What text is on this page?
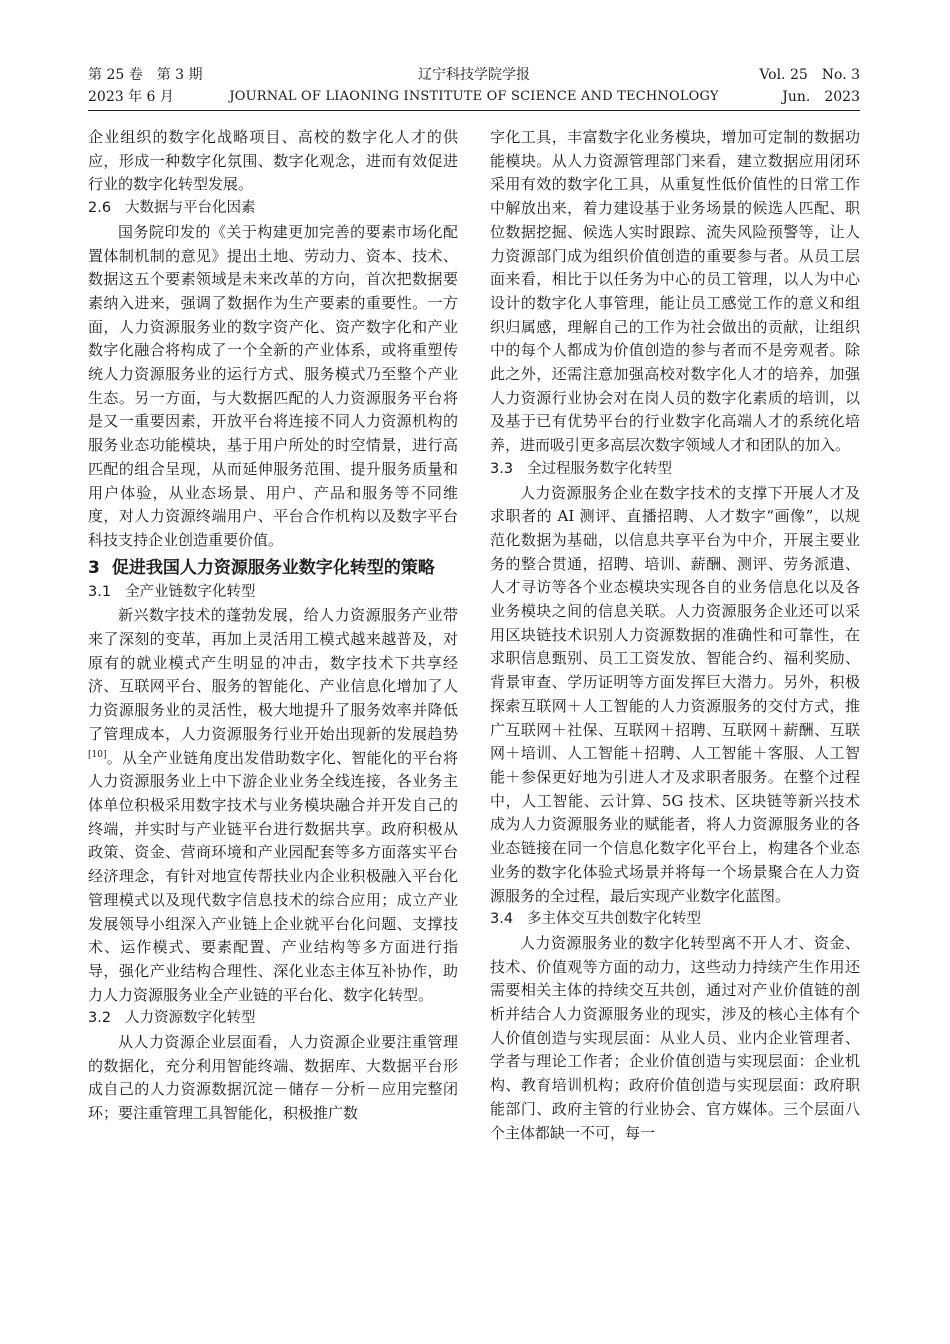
第 25 卷　第 3 期	辽宁科技学院学报	Vol. 25　No. 3
2023 年 6 月	JOURNAL OF LIAONING INSTITUTE OF SCIENCE AND TECHNOLOGY	Jun.　2023

企业组织的数字化战略项目、高校的数字化人才的供应，形成一种数字化氛围、数字化观念，进而有效促进行业的数字化转型发展。

2.6 大数据与平台化因素

国务院印发的《关于构建更加完善的要素市场化配置体制机制的意见》提出土地、劳动力、资本、技术、数据这五个要素领域是未来改革的方向，首次把数据要素纳入进来，强调了数据作为生产要素的重要性。一方面，人力资源服务业的数字资产化、资产数字化和产业数字化融合将构成了一个全新的产业体系，或将重塑传统人力资源服务业的运行方式、服务模式乃至整个产业生态。另一方面，与大数据匹配的人力资源服务平台将是又一重要因素，开放平台将连接不同人力资源机构的服务业态功能模块，基于用户所处的时空情景，进行高匹配的组合呈现，从而延伸服务范围、提升服务质量和用户体验，从业态场景、用户、产品和服务等不同维度，对人力资源终端用户、平台合作机构以及数字平台科技支持企业创造重要价值。

3 促进我国人力资源服务业数字化转型的策略
3.1 全产业链数字化转型

新兴数字技术的蓬勃发展，给人力资源服务产业带来了深刻的变革，再加上灵活用工模式越来越普及，对原有的就业模式产生明显的冲击，数字技术下共享经济、互联网平台、服务的智能化、产业信息化增加了人力资源服务业的灵活性，极大地提升了服务效率并降低了管理成本，人力资源服务行业开始出现新的发展趋势[10]。从全产业链角度出发借助数字化、智能化的平台将人力资源服务业上中下游企业业务全线连接，各业务主体单位积极采用数字技术与业务模块融合并开发自己的终端，并实时与产业链平台进行数据共享。政府积极从政策、资金、营商环境和产业园配套等多方面落实平台经济理念，有针对地宣传帮扶业内企业积极融入平台化管理模式以及现代数字信息技术的综合应用；成立产业发展领导小组深入产业链上企业就平台化问题、支撑技术、运作模式、要素配置、产业结构等多方面进行指导，强化产业结构合理性、深化业态主体互补协作，助力人力资源服务业全产业链的平台化、数字化转型。

3.2 人力资源数字化转型

从人力资源企业层面看，人力资源企业要注重管理的数据化，充分利用智能终端、数据库、大数据平台形成自己的人力资源数据沉淀－储存－分析－应用完整闭环；要注重管理工具智能化，积极推广数

字化工具，丰富数字化业务模块，增加可定制的数据功能模块。从人力资源管理部门来看，建立数据应用闭环采用有效的数字化工具，从重复性低价值性的日常工作中解放出来，着力建设基于业务场景的候选人匹配、职位数据挖掘、候选人实时跟踪、流失风险预警等，让人力资源部门成为组织价值创造的重要参与者。从员工层面来看，相比于以任务为中心的员工管理，以人为中心设计的数字化人事管理，能让员工感觉工作的意义和组织归属感，理解自己的工作为社会做出的贡献，让组织中的每个人都成为价值创造的参与者而不是旁观者。除此之外，还需注意加强高校对数字化人才的培养，加强人力资源行业协会对在岗人员的数字化素质的培训，以及基于已有优势平台的行业数字化高端人才的系统化培养，进而吸引更多高层次数字领域人才和团队的加入。

3.3 全过程服务数字化转型

人力资源服务企业在数字技术的支撑下开展人才及求职者的 AI 测评、直播招聘、人才数字“画像”，以规范化数据为基础，以信息共享平台为中介，开展主要业务的整合贯通，招聘、培训、薪酬、测评、劳务派遣、人才寻访等各个业态模块实现各自的业务信息化以及各业务模块之间的信息关联。人力资源服务企业还可以采用区块链技术识别人力资源数据的准确性和可靠性，在求职信息甄别、员工工资发放、智能合约、福利奖励、背景审查、学历证明等方面发挥巨大潜力。另外，积极探索互联网＋人工智能的人力资源服务的交付方式，推广互联网＋社保、互联网＋招聘、互联网＋薪酬、互联网＋培训、人工智能＋招聘、人工智能＋客服、人工智能＋参保更好地为引进人才及求职者服务。在整个过程中，人工智能、云计算、5G 技术、区块链等新兴技术成为人力资源服务业的赋能者，将人力资源服务业的各业态链接在同一个信息化数字化平台上，构建各个业态业务的数字化体验式场景并将每一个场景聚合在人力资源服务的全过程，最后实现产业数字化蓝图。

3.4 多主体交互共创数字化转型

人力资源服务业的数字化转型离不开人才、资金、技术、价值观等方面的动力，这些动力持续产生作用还需要相关主体的持续交互共创，通过对产业价值链的剖析并结合人力资源服务业的现实，涉及的核心主体有个人价值创造与实现层面：从业人员、业内企业管理者、学者与理论工作者；企业价值创造与实现层面：企业机构、教育培训机构；政府价值创造与实现层面：政府职能部门、政府主管的行业协会、官方媒体。三个层面八个主体都缺一不可，每一
